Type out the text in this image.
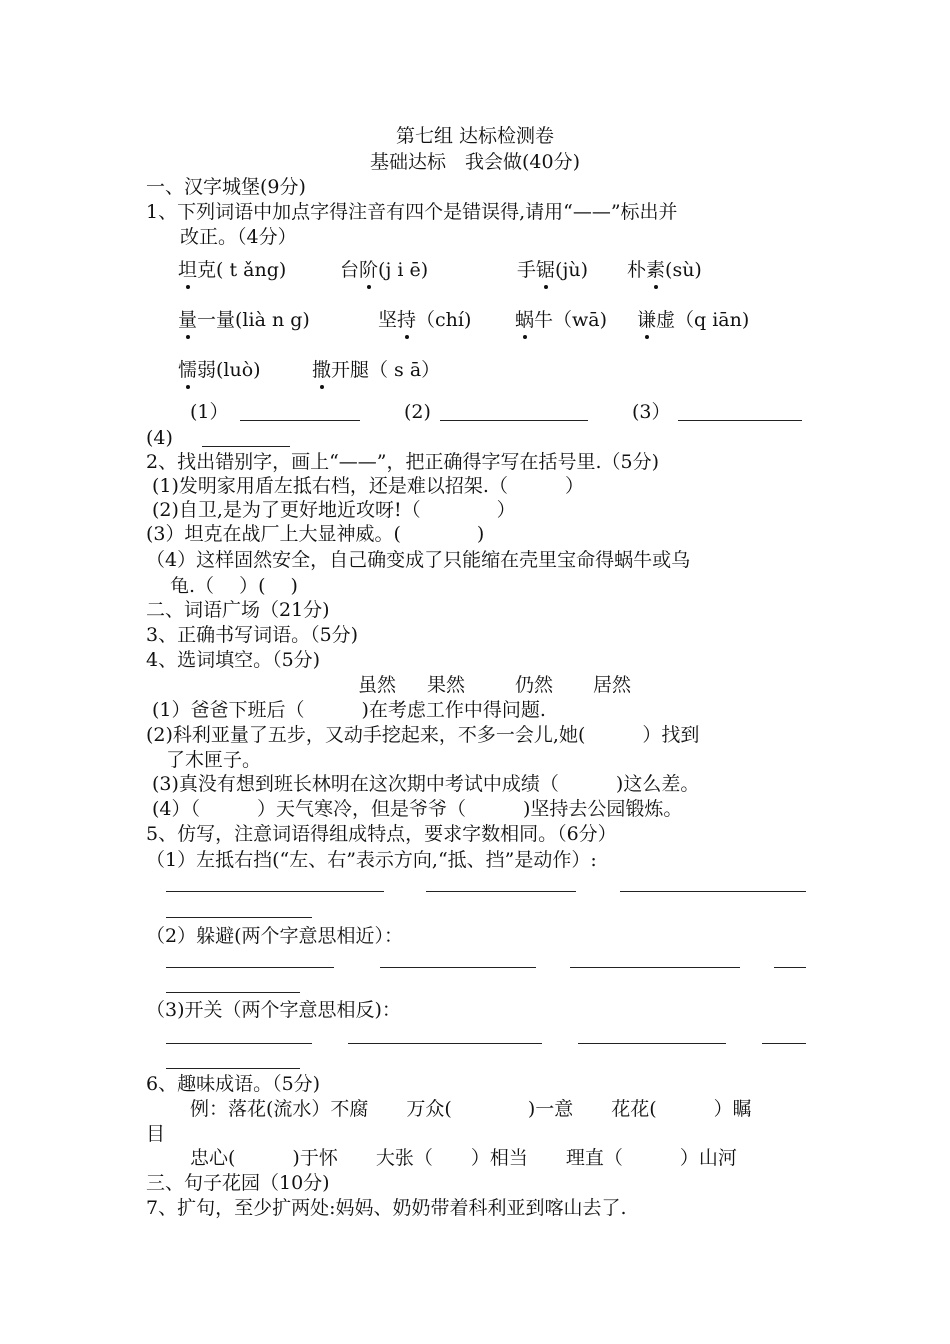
第七组 达标检测卷
基础达标　我会做(40分)
一、汉字城堡(9分)
1、下列词语中加点字得注音有四个是错误得,请用“——”标出并
改正。（4分）
坦克( t ǎng)	台阶(j i ē)	手锯(jù) 朴素(sù)
量一量(lià n g)	坚持（chí) 蜗牛（wā) 谦虚（q iān)
懦弱(luò)	撒开腿（ s ā）
(1）	(2)	(3）
(4)
2、找出错别字，画上“——”，把正确得字写在括号里.（5分)
(1)发明家用盾左抵右档，还是难以招架.（　　　）
(2)自卫,是为了更好地近攻呀!（　　　　）
(3）坦克在战厂上大显神威。(　　　　)
（4）这样固然安全，自己确变成了只能缩在壳里宝命得蜗牛或乌
龟.（　 ）(　 )
二、词语广场（21分)
3、正确书写词语。（5分)
4、选词填空。（5分)
虽然 果然	仍然 居然
(1）爸爸下班后（　　　)在考虑工作中得问题.
(2)科利亚量了五步，又动手挖起来，不多一会儿,她(　　　）找到
了木匣子。
(3)真没有想到班长林明在这次期中考试中成绩（　　　)这么差。
(4）（　　　）天气寒冷，但是爷爷（　　　)坚持去公园锻炼。
5、仿写，注意词语得组成特点，要求字数相同。（6分）
（1）左抵右挡(“左、右”表示方向,“抵、挡”是动作）:
（2）躲避(两个字意思相近）：
（3)开关（两个字意思相反)：
6、趣味成语。（5分)
例：落花(流水）不腐　　万众(　　　　)一意　　花花(　　　）瞩
目
忠心(　　　)于怀　　大张（　　）相当　　理直（　　　）山河
三、句子花园（10分)
7、扩句，至少扩两处:妈妈、奶奶带着科利亚到喀山去了.
